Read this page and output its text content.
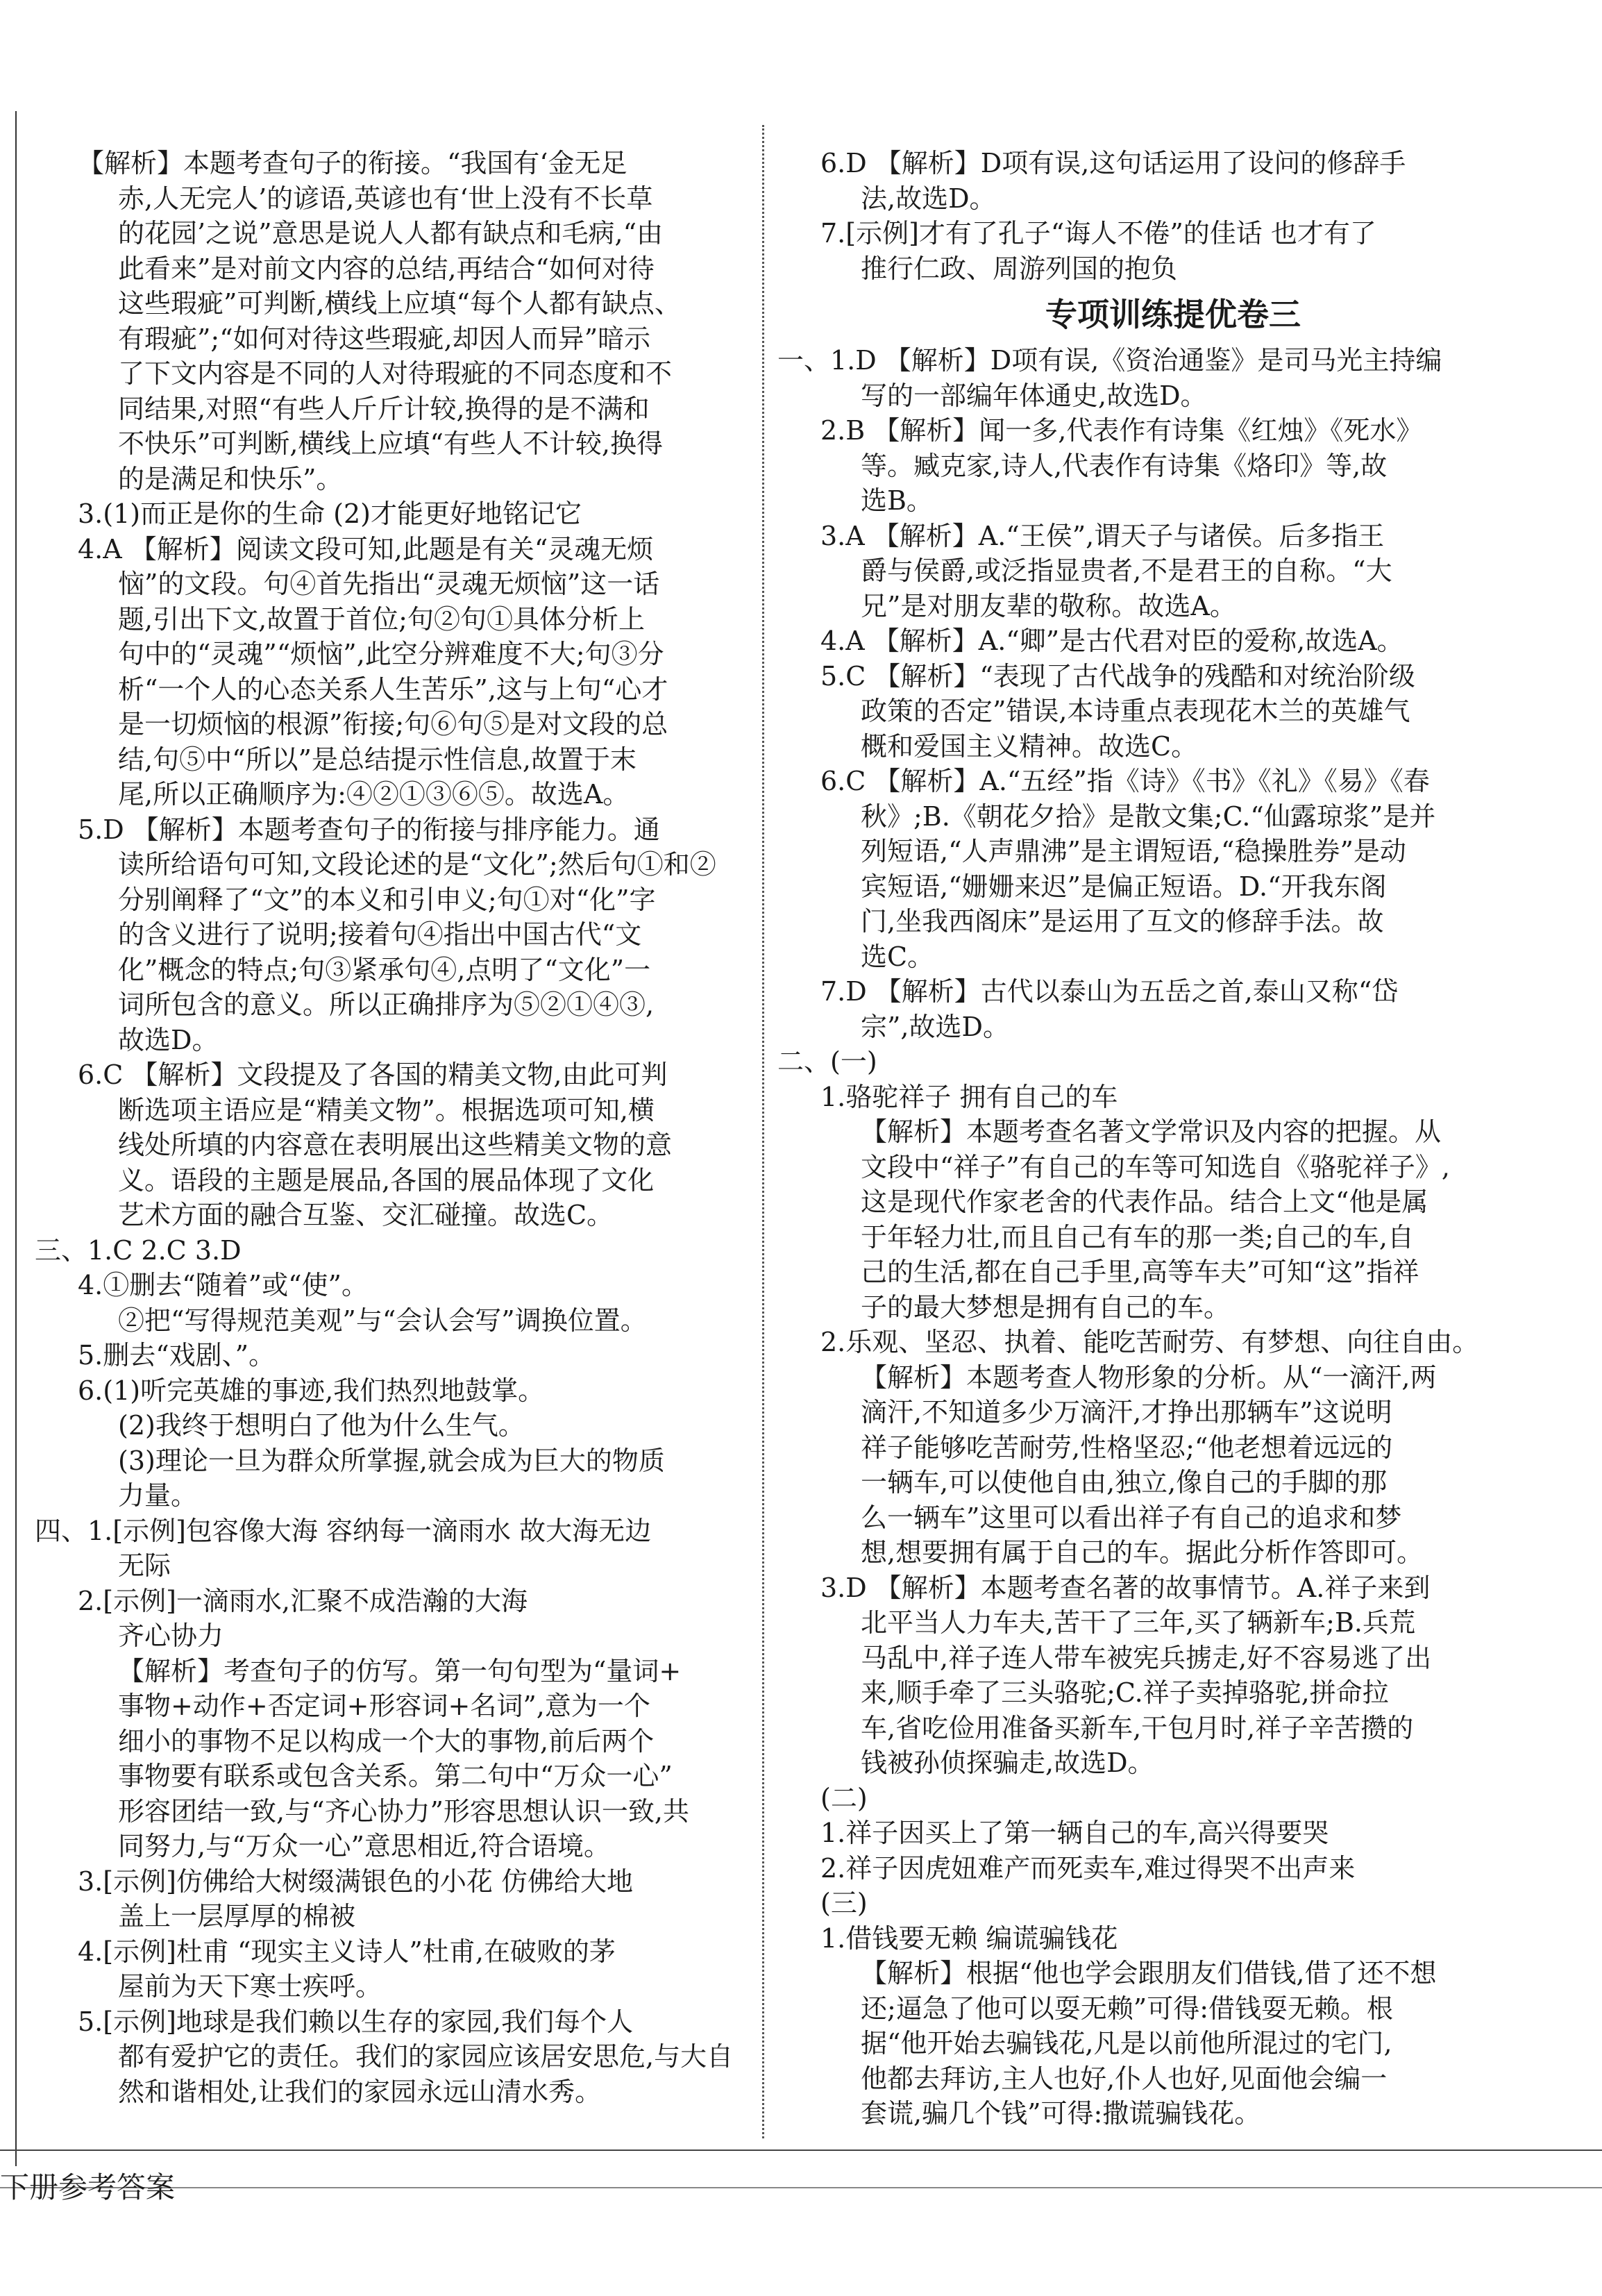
【解析】本题考查句子的衔接。“我国有‘金无足
赤,人无完人’的谚语,英谚也有‘世上没有不长草
的花园’之说”意思是说人人都有缺点和毛病,“由
此看来”是对前文内容的总结,再结合“如何对待
这些瑕疵”可判断,横线上应填“每个人都有缺点、
有瑕疵”;“如何对待这些瑕疵,却因人而异”暗示
了下文内容是不同的人对待瑕疵的不同态度和不
同结果,对照“有些人斤斤计较,换得的是不满和
不快乐”可判断,横线上应填“有些人不计较,换得
的是满足和快乐”。
3.(1)而正是你的生命 (2)才能更好地铭记它
4.A 【解析】阅读文段可知,此题是有关“灵魂无烦
恼”的文段。句④首先指出“灵魂无烦恼”这一话
题,引出下文,故置于首位;句②句①具体分析上
句中的“灵魂”“烦恼”,此空分辨难度不大;句③分
析“一个人的心态关系人生苦乐”,这与上句“心才
是一切烦恼的根源”衔接;句⑥句⑤是对文段的总
结,句⑤中“所以”是总结提示性信息,故置于末
尾,所以正确顺序为:④②①③⑥⑤。故选A。
5.D 【解析】本题考查句子的衔接与排序能力。通
读所给语句可知,文段论述的是“文化”;然后句①和②
分别阐释了“文”的本义和引申义;句①对“化”字
的含义进行了说明;接着句④指出中国古代“文
化”概念的特点;句③紧承句④,点明了“文化”一
词所包含的意义。所以正确排序为⑤②①④③,
故选D。
6.C 【解析】文段提及了各国的精美文物,由此可判
断选项主语应是“精美文物”。根据选项可知,横
线处所填的内容意在表明展出这些精美文物的意
义。语段的主题是展品,各国的展品体现了文化
艺术方面的融合互鉴、交汇碰撞。故选C。
三、1.C 2.C 3.D
4.①删去“随着”或“使”。
②把“写得规范美观”与“会认会写”调换位置。
5.删去“戏剧、”。
6.(1)听完英雄的事迹,我们热烈地鼓掌。
(2)我终于想明白了他为什么生气。
(3)理论一旦为群众所掌握,就会成为巨大的物质
力量。
四、1.[示例]包容像大海 容纳每一滴雨水 故大海无边
无际
2.[示例]一滴雨水,汇聚不成浩瀚的大海
齐心协力
【解析】考查句子的仿写。第一句句型为“量词+
事物+动作+否定词+形容词+名词”,意为一个
细小的事物不足以构成一个大的事物,前后两个
事物要有联系或包含关系。第二句中“万众一心”
形容团结一致,与“齐心协力”形容思想认识一致,共
同努力,与“万众一心”意思相近,符合语境。
3.[示例]仿佛给大树缀满银色的小花 仿佛给大地
盖上一层厚厚的棉被
4.[示例]杜甫 “现实主义诗人”杜甫,在破败的茅
屋前为天下寒士疾呼。
5.[示例]地球是我们赖以生存的家园,我们每个人
都有爱护它的责任。我们的家园应该居安思危,与大自
然和谐相处,让我们的家园永远山清水秀。
6.D 【解析】D项有误,这句话运用了设问的修辞手
法,故选D。
7.[示例]才有了孔子“诲人不倦”的佳话 也才有了
推行仁政、周游列国的抱负
专项训练提优卷三
一、1.D 【解析】D项有误,《资治通鉴》是司马光主持编
写的一部编年体通史,故选D。
2.B 【解析】闻一多,代表作有诗集《红烛》《死水》
等。臧克家,诗人,代表作有诗集《烙印》等,故
选B。
3.A 【解析】A.“王侯”,谓天子与诸侯。后多指王
爵与侯爵,或泛指显贵者,不是君王的自称。“大
兄”是对朋友辈的敬称。故选A。
4.A 【解析】A.“卿”是古代君对臣的爱称,故选A。
5.C 【解析】“表现了古代战争的残酷和对统治阶级
政策的否定”错误,本诗重点表现花木兰的英雄气
概和爱国主义精神。故选C。
6.C 【解析】A.“五经”指《诗》《书》《礼》《易》《春
秋》;B.《朝花夕拾》是散文集;C.“仙露琼浆”是并
列短语,“人声鼎沸”是主谓短语,“稳操胜券”是动
宾短语,“姗姗来迟”是偏正短语。D.“开我东阁
门,坐我西阁床”是运用了互文的修辞手法。故
选C。
7.D 【解析】古代以泰山为五岳之首,泰山又称“岱
宗”,故选D。
二、(一)
1.骆驼祥子 拥有自己的车
【解析】本题考查名著文学常识及内容的把握。从
文段中“祥子”有自己的车等可知选自《骆驼祥子》,
这是现代作家老舍的代表作品。结合上文“他是属
于年轻力壮,而且自己有车的那一类;自己的车,自
己的生活,都在自己手里,高等车夫”可知“这”指祥
子的最大梦想是拥有自己的车。
2.乐观、坚忍、执着、能吃苦耐劳、有梦想、向往自由。
【解析】本题考查人物形象的分析。从“一滴汗,两
滴汗,不知道多少万滴汗,才挣出那辆车”这说明
祥子能够吃苦耐劳,性格坚忍;“他老想着远远的
一辆车,可以使他自由,独立,像自己的手脚的那
么一辆车”这里可以看出祥子有自己的追求和梦
想,想要拥有属于自己的车。据此分析作答即可。
3.D 【解析】本题考查名著的故事情节。A.祥子来到
北平当人力车夫,苦干了三年,买了辆新车;B.兵荒
马乱中,祥子连人带车被宪兵掳走,好不容易逃了出
来,顺手牵了三头骆驼;C.祥子卖掉骆驼,拼命拉
车,省吃俭用准备买新车,干包月时,祥子辛苦攒的
钱被孙侦探骗走,故选D。
(二)
1.祥子因买上了第一辆自己的车,高兴得要哭
2.祥子因虎妞难产而死卖车,难过得哭不出声来
(三)
1.借钱要无赖 编谎骗钱花
【解析】根据“他也学会跟朋友们借钱,借了还不想
还;逼急了他可以耍无赖”可得:借钱耍无赖。根
据“他开始去骗钱花,凡是以前他所混过的宅门,
他都去拜访,主人也好,仆人也好,见面他会编一
套谎,骗几个钱”可得:撒谎骗钱花。
下册参考答案
